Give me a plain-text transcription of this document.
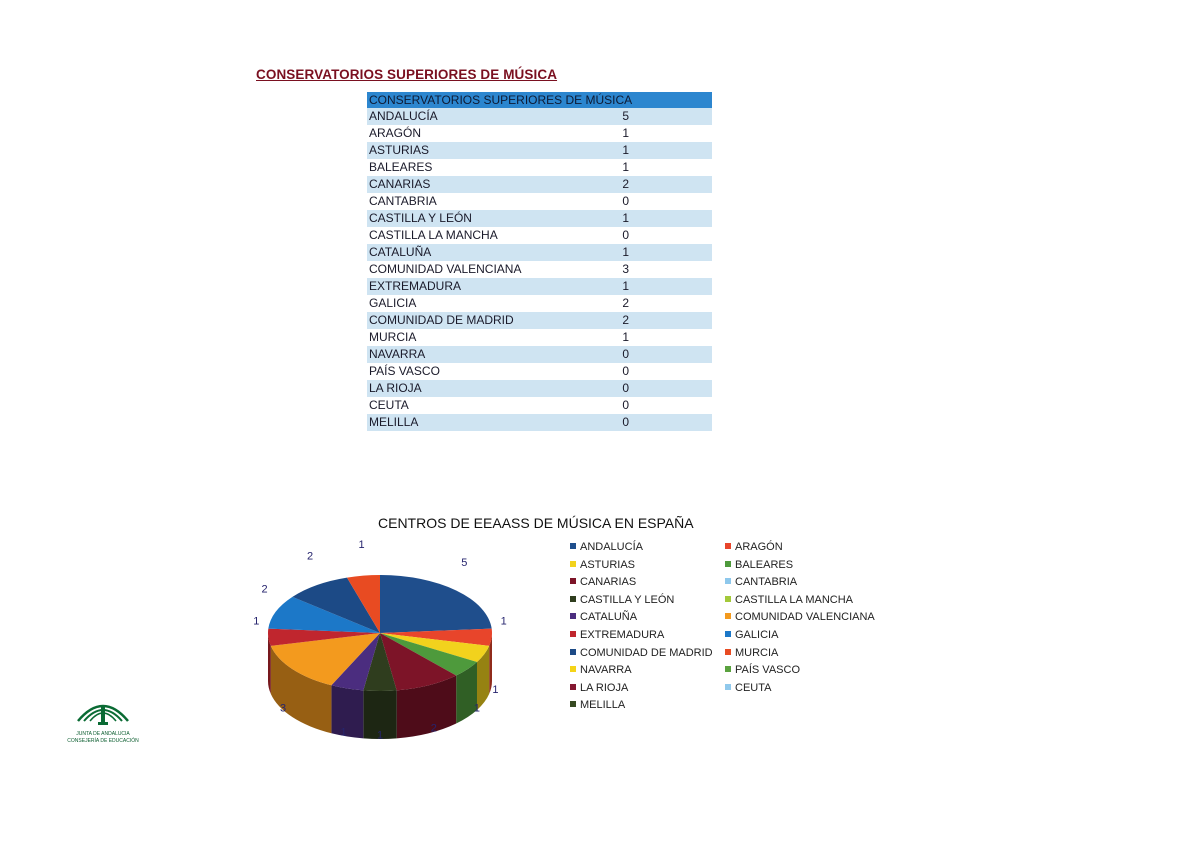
CONSERVATORIOS SUPERIORES DE MÚSICA
CONSERVATORIOS SUPERIORES DE MÚSICA	
ANDALUCÍA	5
ARAGÓN	1
ASTURIAS	1
BALEARES	1
CANARIAS	2
CANTABRIA	0
CASTILLA Y LEÓN	1
CASTILLA LA MANCHA	0
CATALUÑA	1
COMUNIDAD VALENCIANA	3
EXTREMADURA	1
GALICIA	2
COMUNIDAD DE MADRID	2
MURCIA	1
NAVARRA	0
PAÍS VASCO	0
LA RIOJA	0
CEUTA	0
MELILLA	0
CENTROS DE EEAASS DE MÚSICA EN ESPAÑA
5
1
1
1
2
1
1
3
1
2
2
1	ANDALUCÍA	ARAGÓN
ASTURIAS	BALEARES
CANARIAS	CANTABRIA
CASTILLA Y LEÓN	CASTILLA LA MANCHA
CATALUÑA	COMUNIDAD VALENCIANA
EXTREMADURA	GALICIA
COMUNIDAD DE MADRID	MURCIA
NAVARRA	PAÍS VASCO
LA RIOJA	CEUTA
MELILLA
JUNTA DE ANDALUCIA
CONSEJERÍA DE EDUCACIÓN
